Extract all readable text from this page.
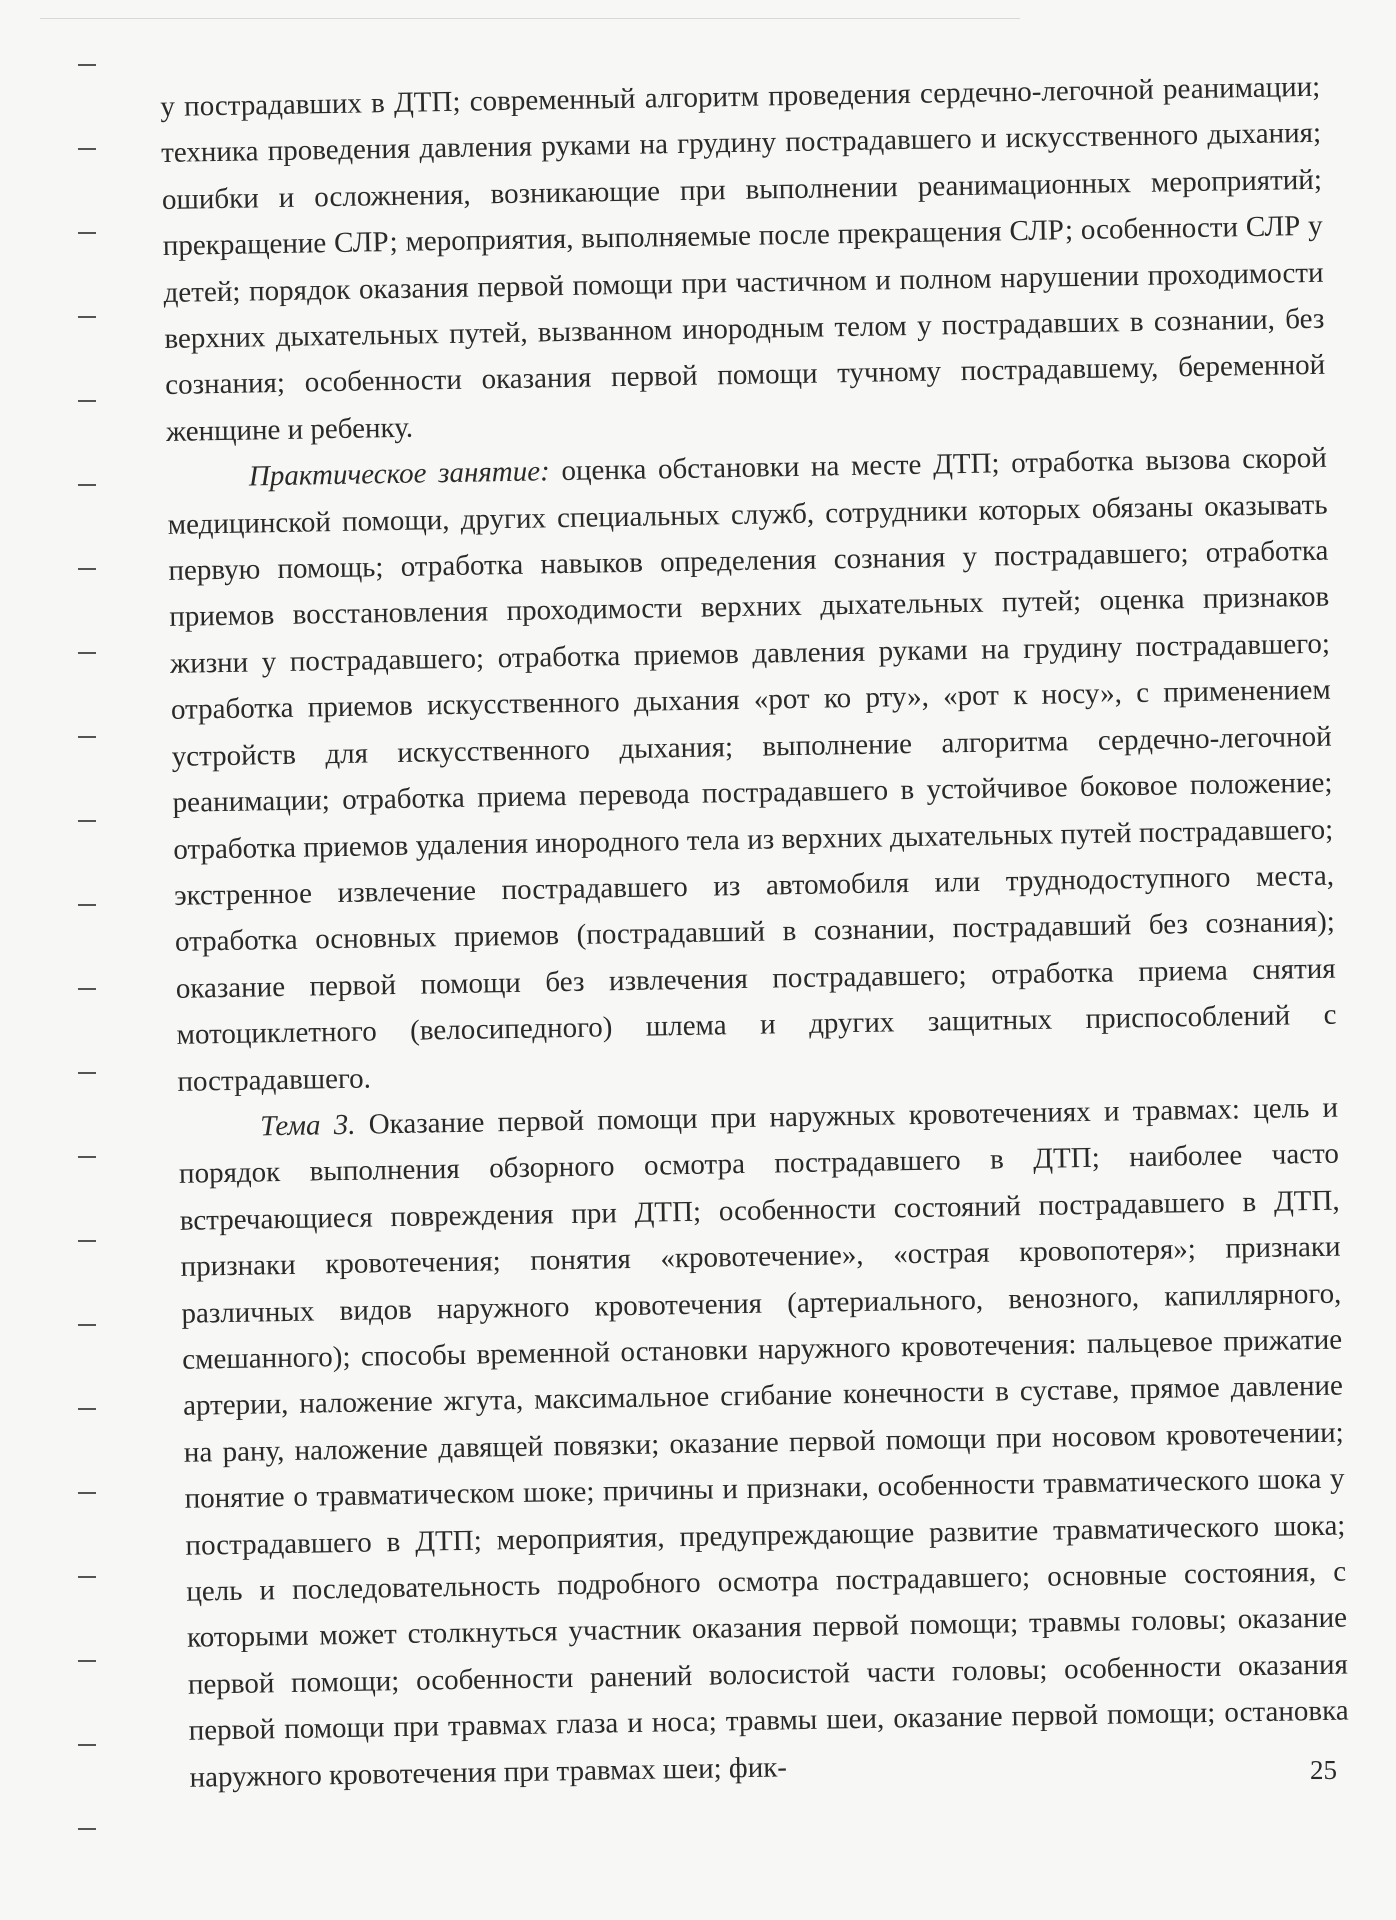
у пострадавших в ДТП; современный алгоритм проведения сердечно-легочной реанимации; техника проведения давления руками на грудину пострадавшего и искусственного дыхания; ошибки и осложнения, возникающие при выполнении реанимационных мероприятий; прекращение СЛР; мероприятия, выполняемые после прекращения СЛР; особенности СЛР у детей; порядок оказания первой помощи при частичном и полном нарушении проходимости верхних дыхательных путей, вызванном инородным телом у пострадавших в сознании, без сознания; особенности оказания первой помощи тучному пострадавшему, беременной женщине и ребенку.

Практическое занятие: оценка обстановки на месте ДТП; отработка вызова скорой медицинской помощи, других специальных служб, сотрудники которых обязаны оказывать первую помощь; отработка навыков определения сознания у пострадавшего; отработка приемов восстановления проходимости верхних дыхательных путей; оценка признаков жизни у пострадавшего; отработка приемов давления руками на грудину пострадавшего; отработка приемов искусственного дыхания «рот ко рту», «рот к носу», с применением устройств для искусственного дыхания; выполнение алгоритма сердечно-легочной реанимации; отработка приема перевода пострадавшего в устойчивое боковое положение; отработка приемов удаления инородного тела из верхних дыхательных путей пострадавшего; экстренное извлечение пострадавшего из автомобиля или труднодоступного места, отработка основных приемов (пострадавший в сознании, пострадавший без сознания); оказание первой помощи без извлечения пострадавшего; отработка приема снятия мотоциклетного (велосипедного) шлема и других защитных приспособлений с пострадавшего.

Тема 3. Оказание первой помощи при наружных кровотечениях и травмах: цель и порядок выполнения обзорного осмотра пострадавшего в ДТП; наиболее часто встречающиеся повреждения при ДТП; особенности состояний пострадавшего в ДТП, признаки кровотечения; понятия «кровотечение», «острая кровопотеря»; признаки различных видов наружного кровотечения (артериального, венозного, капиллярного, смешанного); способы временной остановки наружного кровотечения: пальцевое прижатие артерии, наложение жгута, максимальное сгибание конечности в суставе, прямое давление на рану, наложение давящей повязки; оказание первой помощи при носовом кровотечении; понятие о травматическом шоке; причины и признаки, особенности травматического шока у пострадавшего в ДТП; мероприятия, предупреждающие развитие травматического шока; цель и последовательность подробного осмотра пострадавшего; основные состояния, с которыми может столкнуться участник оказания первой помощи; травмы головы; оказание первой помощи; особенности ранений волосистой части головы; особенности оказания первой помощи при травмах глаза и носа; травмы шеи, оказание первой помощи; остановка наружного кровотечения при травмах шеи; фик-	25
